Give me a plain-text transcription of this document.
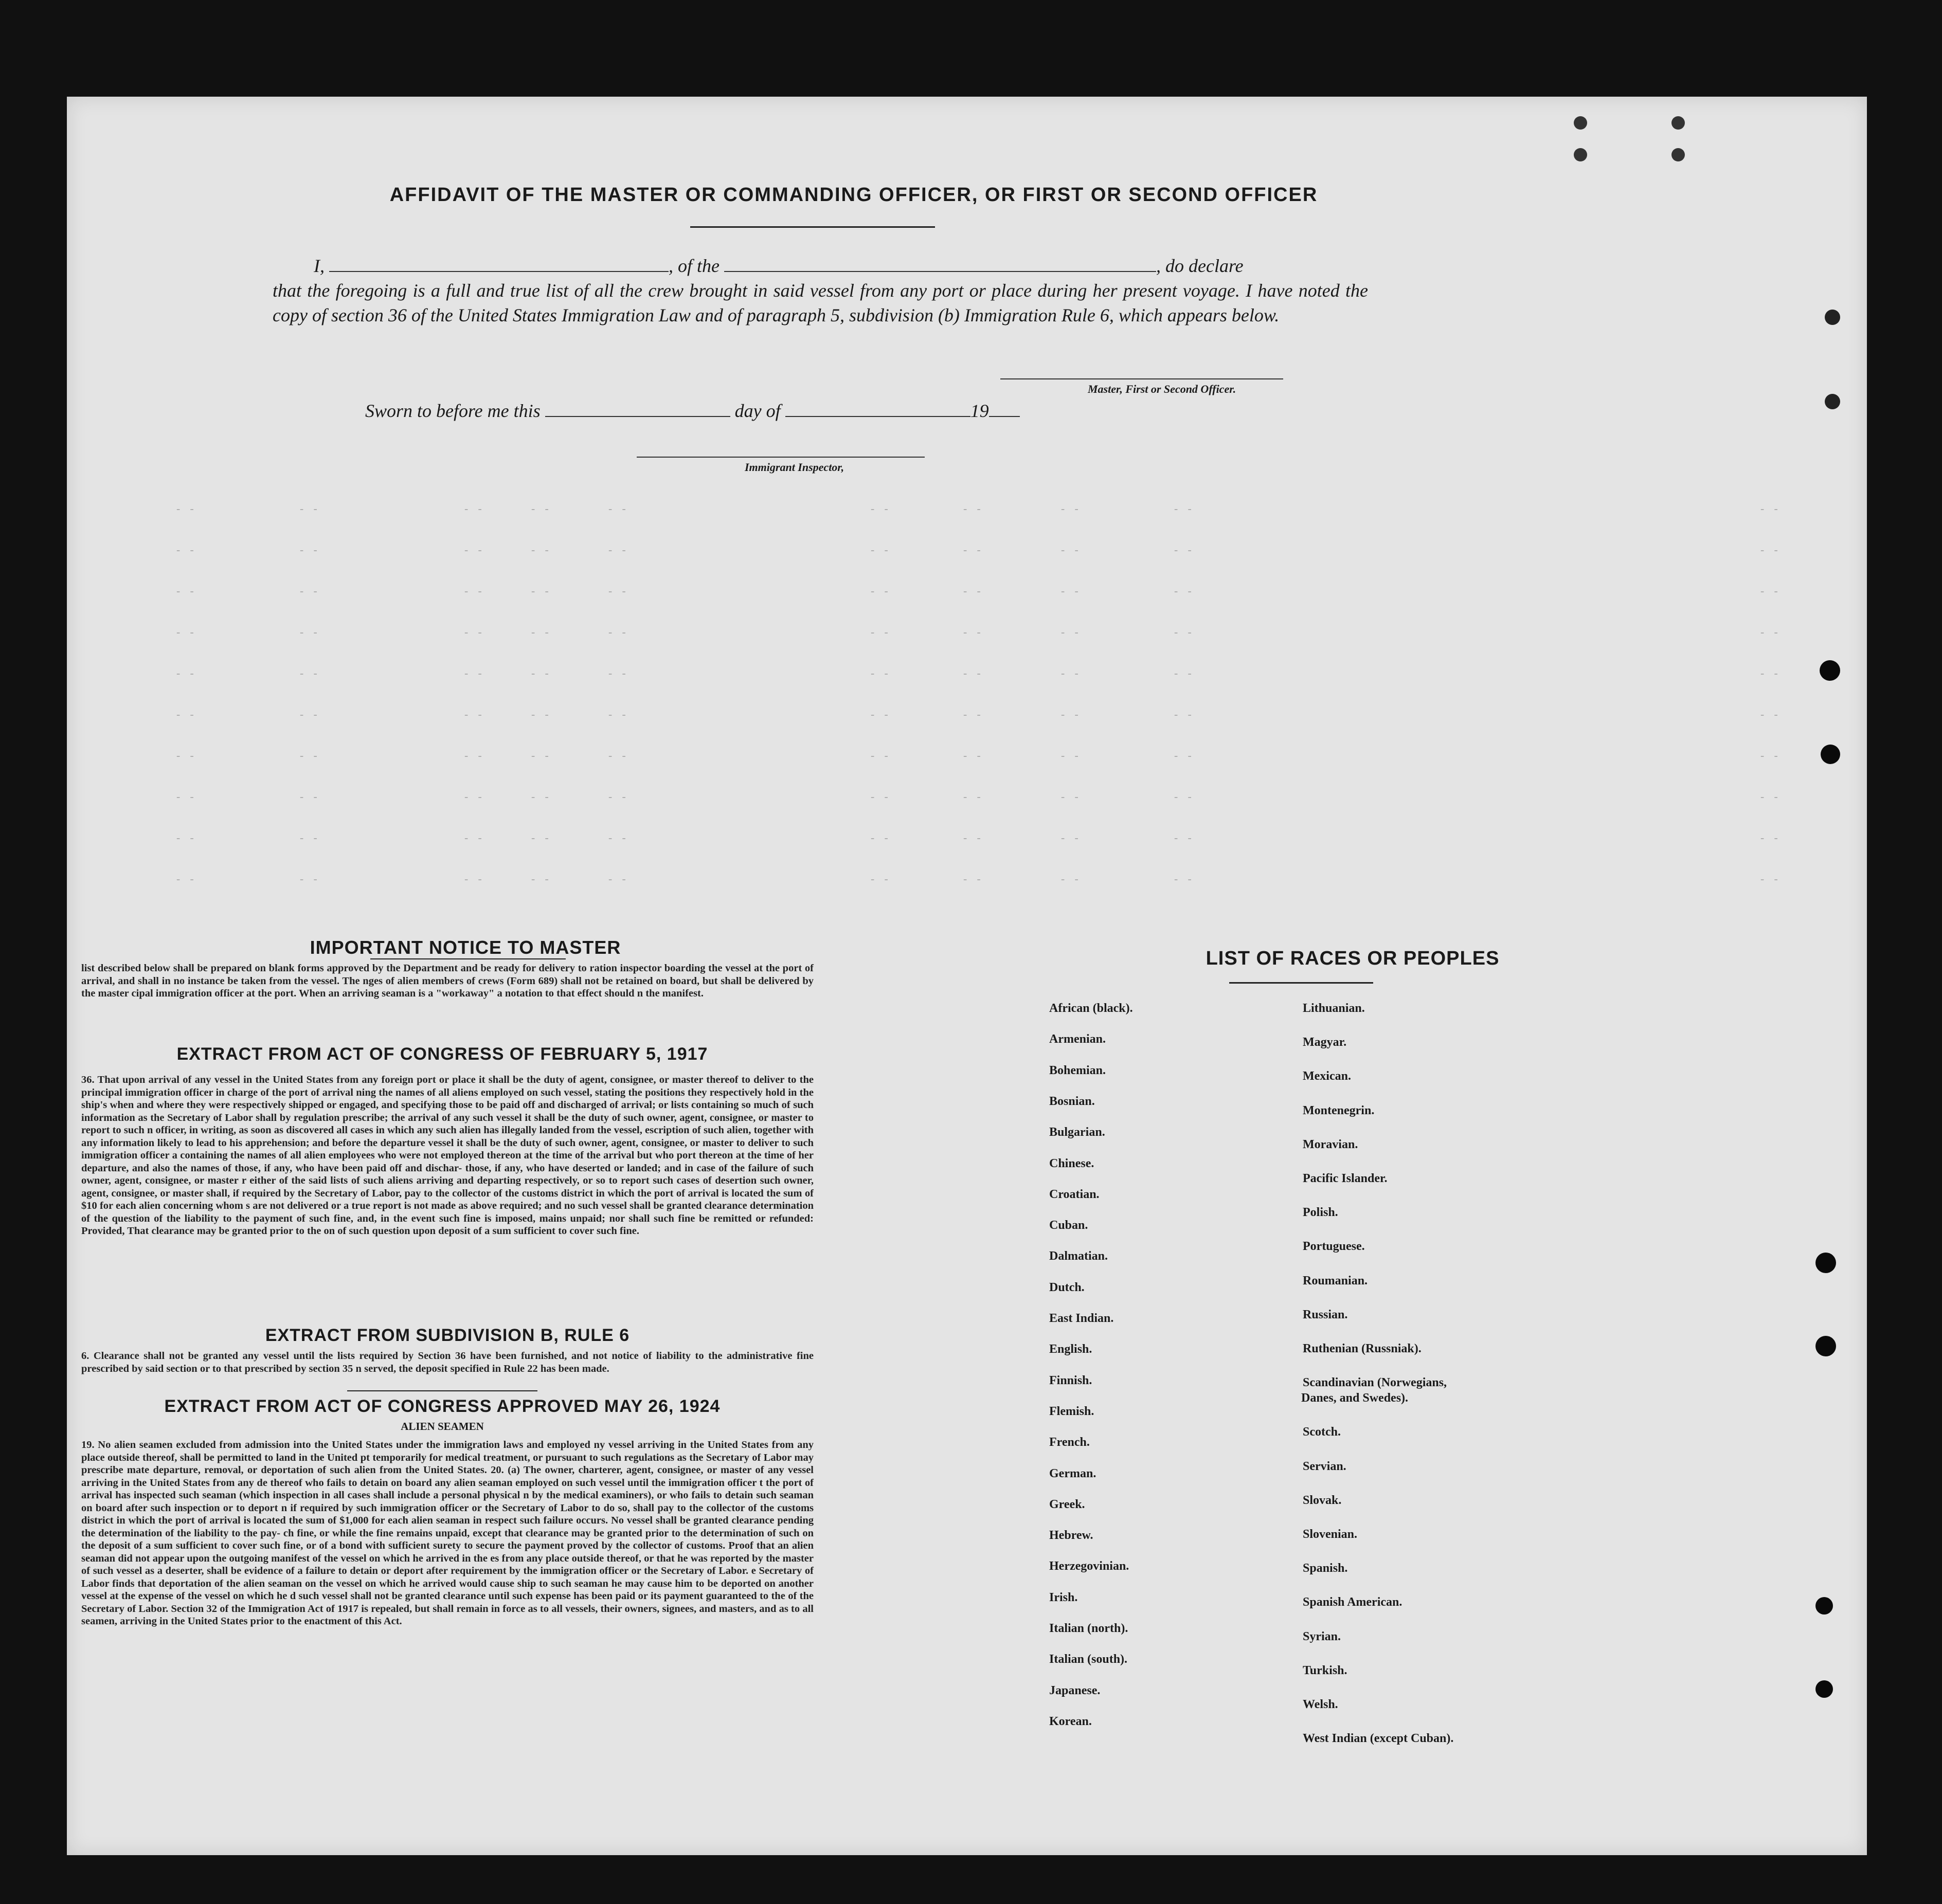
- -	- -	- -	- -	- -	- -	- -	- -	- -	- -
- -	- -	- -	- -	- -	- -	- -	- -	- -	- -
- -	- -	- -	- -	- -	- -	- -	- -	- -	- -
- -	- -	- -	- -	- -	- -	- -	- -	- -	- -
- -	- -	- -	- -	- -	- -	- -	- -	- -	- -
- -	- -	- -	- -	- -	- -	- -	- -	- -	- -
- -	- -	- -	- -	- -	- -	- -	- -	- -	- -
- -	- -	- -	- -	- -	- -	- -	- -	- -	- -
- -	- -	- -	- -	- -	- -	- -	- -	- -	- -
- -	- -	- -	- -	- -	- -	- -	- -	- -	- -
AFFIDAVIT OF THE MASTER OR COMMANDING OFFICER, OR FIRST OR SECOND OFFICER
I,	, of the	, do declare
that the foregoing is a full and true list of all the crew brought in said vessel from any port or place during her present voyage. I have noted the copy of section 36 of the United States Immigration Law and of paragraph 5, subdivision (b) Immigration Rule 6, which appears below.
Master, First or Second Officer.
Sworn to before me this	day of	19
Immigrant Inspector,
IMPORTANT NOTICE TO MASTER
list described below shall be prepared on blank forms approved by the Department and be ready for delivery to ration inspector boarding the vessel at the port of arrival, and shall in no instance be taken from the vessel. The nges of alien members of crews (Form 689) shall not be retained on board, but shall be delivered by the master cipal immigration officer at the port. When an arriving seaman is a "workaway" a notation to that effect should n the manifest.
EXTRACT FROM ACT OF CONGRESS OF FEBRUARY 5, 1917
36. That upon arrival of any vessel in the United States from any foreign port or place it shall be the duty of agent, consignee, or master thereof to deliver to the principal immigration officer in charge of the port of arrival ning the names of all aliens employed on such vessel, stating the positions they respectively hold in the ship's when and where they were respectively shipped or engaged, and specifying those to be paid off and discharged of arrival; or lists containing so much of such information as the Secretary of Labor shall by regulation prescribe; the arrival of any such vessel it shall be the duty of such owner, agent, consignee, or master to report to such n officer, in writing, as soon as discovered all cases in which any such alien has illegally landed from the vessel, escription of such alien, together with any information likely to lead to his apprehension; and before the departure vessel it shall be the duty of such owner, agent, consignee, or master to deliver to such immigration officer a containing the names of all alien employees who were not employed thereon at the time of the arrival but who port thereon at the time of her departure, and also the names of those, if any, who have been paid off and dischar- those, if any, who have deserted or landed; and in case of the failure of such owner, agent, consignee, or master r either of the said lists of such aliens arriving and departing respectively, or so to report such cases of desertion such owner, agent, consignee, or master shall, if required by the Secretary of Labor, pay to the collector of the customs district in which the port of arrival is located the sum of $10 for each alien concerning whom s are not delivered or a true report is not made as above required; and no such vessel shall be granted clearance determination of the question of the liability to the payment of such fine, and, in the event such fine is imposed, mains unpaid; nor shall such fine be remitted or refunded: Provided, That clearance may be granted prior to the on of such question upon deposit of a sum sufficient to cover such fine.
EXTRACT FROM SUBDIVISION B, RULE 6
6. Clearance shall not be granted any vessel until the lists required by Section 36 have been furnished, and not notice of liability to the administrative fine prescribed by said section or to that prescribed by section 35 n served, the deposit specified in Rule 22 has been made.
EXTRACT FROM ACT OF CONGRESS APPROVED MAY 26, 1924
ALIEN SEAMEN
19. No alien seamen excluded from admission into the United States under the immigration laws and employed ny vessel arriving in the United States from any place outside thereof, shall be permitted to land in the United pt temporarily for medical treatment, or pursuant to such regulations as the Secretary of Labor may prescribe mate departure, removal, or deportation of such alien from the United States. 20. (a) The owner, charterer, agent, consignee, or master of any vessel arriving in the United States from any de thereof who fails to detain on board any alien seaman employed on such vessel until the immigration officer t the port of arrival has inspected such seaman (which inspection in all cases shall include a personal physical n by the medical examiners), or who fails to detain such seaman on board after such inspection or to deport n if required by such immigration officer or the Secretary of Labor to do so, shall pay to the collector of the customs district in which the port of arrival is located the sum of $1,000 for each alien seaman in respect such failure occurs. No vessel shall be granted clearance pending the determination of the liability to the pay- ch fine, or while the fine remains unpaid, except that clearance may be granted prior to the determination of such on the deposit of a sum sufficient to cover such fine, or of a bond with sufficient surety to secure the payment proved by the collector of customs. Proof that an alien seaman did not appear upon the outgoing manifest of the vessel on which he arrived in the es from any place outside thereof, or that he was reported by the master of such vessel as a deserter, shall be evidence of a failure to detain or deport after requirement by the immigration officer or the Secretary of Labor. e Secretary of Labor finds that deportation of the alien seaman on the vessel on which he arrived would cause ship to such seaman he may cause him to be deported on another vessel at the expense of the vessel on which he d such vessel shall not be granted clearance until such expense has been paid or its payment guaranteed to the of the Secretary of Labor. Section 32 of the Immigration Act of 1917 is repealed, but shall remain in force as to all vessels, their owners, signees, and masters, and as to all seamen, arriving in the United States prior to the enactment of this Act.
LIST OF RACES OR PEOPLES
African (black).
Armenian.
Bohemian.
Bosnian.
Bulgarian.
Chinese.
Croatian.
Cuban.
Dalmatian.
Dutch.
East Indian.
English.
Finnish.
Flemish.
French.
German.
Greek.
Hebrew.
Herzegovinian.
Irish.
Italian (north).
Italian (south).
Japanese.
Korean.
Lithuanian.
Magyar.
Mexican.
Montenegrin.
Moravian.
Pacific Islander.
Polish.
Portuguese.
Roumanian.
Russian.
Ruthenian (Russniak).
Scandinavian (Norwegians,
Danes, and Swedes).
Scotch.
Servian.
Slovak.
Slovenian.
Spanish.
Spanish American.
Syrian.
Turkish.
Welsh.
West Indian (except Cuban).
